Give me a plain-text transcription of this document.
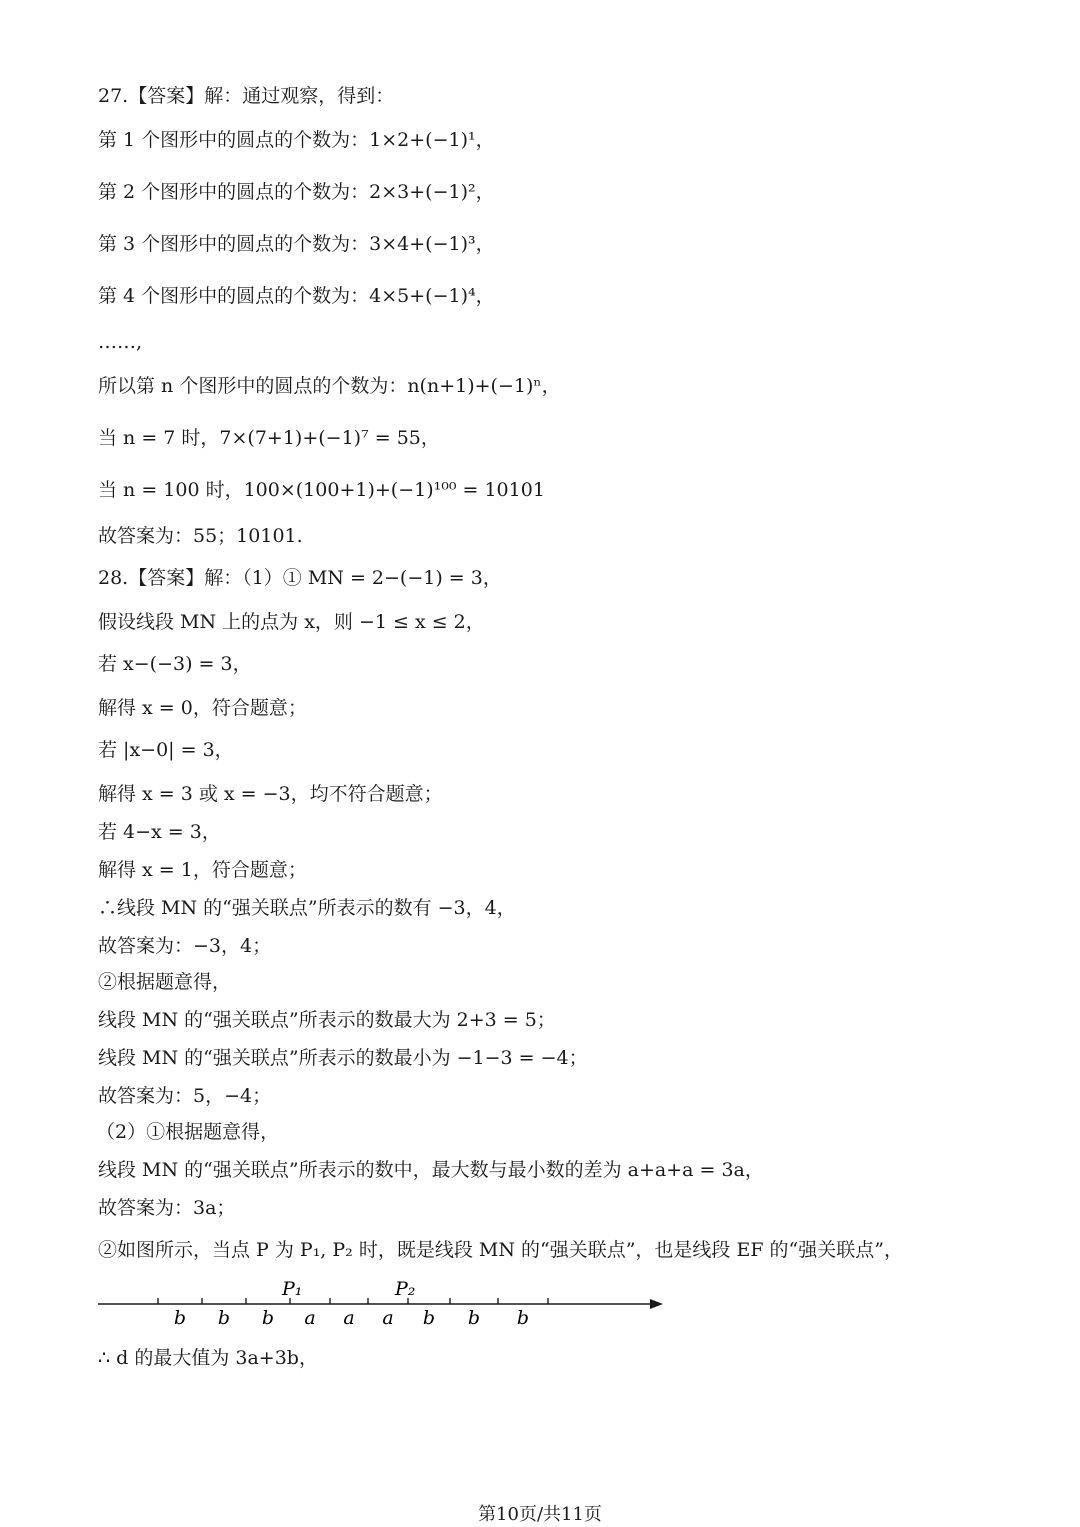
27.【答案】解：通过观察，得到：
第 1 个图形中的圆点的个数为：1×2+(−1)¹，
第 2 个图形中的圆点的个数为：2×3+(−1)²，
第 3 个图形中的圆点的个数为：3×4+(−1)³，
第 4 个图形中的圆点的个数为：4×5+(−1)⁴，
……,
所以第 n 个图形中的圆点的个数为：n(n+1)+(−1)ⁿ，
当 n = 7 时，7×(7+1)+(−1)⁷ = 55，
当 n = 100 时，100×(100+1)+(−1)¹⁰⁰ = 10101
故答案为：55；10101.
28.【答案】解：（1）① MN = 2−(−1) = 3，
假设线段 MN 上的点为 x，则 −1 ≤ x ≤ 2，
若 x−(−3) = 3，
解得 x = 0，符合题意；
若 |x−0| = 3，
解得 x = 3 或 x = −3，均不符合题意；
若 4−x = 3，
解得 x = 1，符合题意；
∴线段 MN 的“强关联点”所表示的数有 −3，4，
故答案为：−3，4；
②根据题意得，
线段 MN 的“强关联点”所表示的数最大为 2+3 = 5；
线段 MN 的“强关联点”所表示的数最小为 −1−3 = −4；
故答案为：5，−4；
（2）①根据题意得，
线段 MN 的“强关联点”所表示的数中，最大数与最小数的差为 a+a+a = 3a，
故答案为：3a；
②如图所示，当点 P 为 P₁, P₂ 时，既是线段 MN 的“强关联点”，也是线段 EF 的“强关联点”，
b b b a a a b b b
P₁	P₂
∴ d 的最大值为 3a+3b，
第10页/共11页
